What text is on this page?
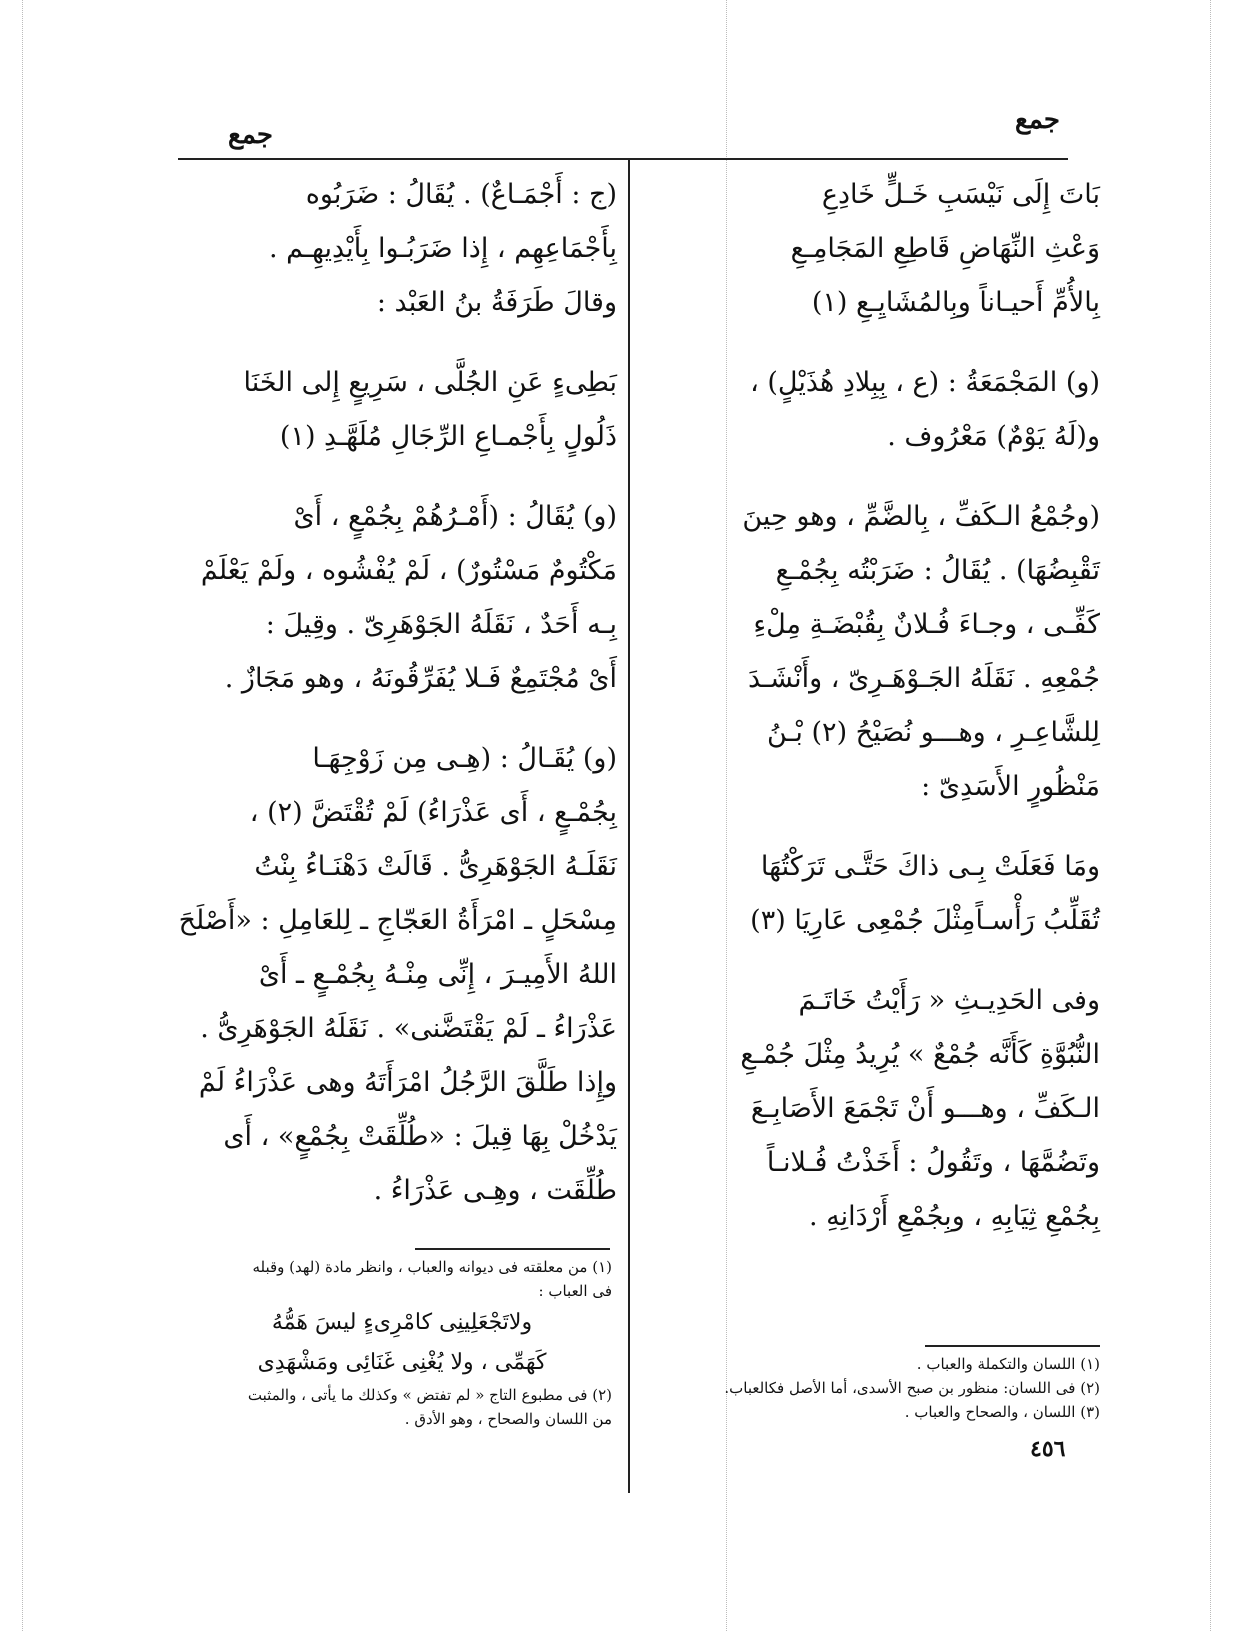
جمع
جمع
بَاتَ إِلَى نَيْسَبِ خَـلٍّ خَادِعِ
وَعْثِ النِّهَاضِ قَاطِعِ المَجَامِـعِ
بِالأُمِّ أَحيـاناً وبِالمُشَايِـعِ (١)
(و) المَجْمَعَةُ : (ع ، بِبِلادِ هُذَيْلٍ) ،
و(لَهُ يَوْمٌ) مَعْرُوف .
(وجُمْعُ الـكَفِّ ، بِالضَّمِّ ، وهو حِينَ
تَقْبِضُهَا) . يُقَالُ : ضَرَبْتُه بِجُمْـعِ
كَفِّـى ، وجـاءَ فُـلانٌ بِقُبْضَـةِ مِلْءِ
جُمْعِهِ . نَقَلَهُ الجَـوْهَـرِىّ ، وأَنْشَـدَ
لِلشَّاعِـرِ ، وهـــو نُصَيْحُ (٢) بْـنُ
مَنْظُورٍ الأَسَدِىّ :
ومَا فَعَلَتْ بِـى ذاكَ حَتَّـى تَرَكْتُهَا
تُقَلِّبُ رَأْسـاًمِثْلَ جُمْعِى عَارِيَا (٣)
وفى الحَدِيـثِ « رَأَيْتُ خَاتَـمَ
النُّبُوَّةِ كَأَنَّه جُمْعٌ » يُرِيدُ مِثْلَ جُمْـعِ
الـكَفِّ ، وهـــو أَنْ تَجْمَعَ الأَصَابِـعَ
وتَضُمَّهَا ، وتَقُولُ : أَخَذْتُ فُـلانـاً
بِجُمْعِ ثِيَابِهِ ، وبِجُمْعِ أَرْدَانِهِ .
(ج : أَجْمَـاعٌ) . يُقَالُ : ضَرَبُوه
بِأَجْمَاعِهِم ، إِذا ضَرَبُـوا بِأَيْدِيهِـم .
وقالَ طَرَفَةُ بنُ العَبْد :
بَطِىءٍ عَنِ الجُلَّى ، سَرِيعٍ إِلى الخَنَا
ذَلُولٍ بِأَجْمـاعِ الرِّجَالِ مُلَهَّـدِ (١)
(و) يُقَالُ : (أَمْـرُهُمْ بِجُمْعٍ ، أَىْ
مَكْتُومٌ مَسْتُورٌ) ، لَمْ يُفْشُوه ، ولَمْ يَعْلَمْ
بِـه أَحَدٌ ، نَقَلَهُ الجَوْهَرِىّ . وقِيلَ :
أَىْ مُجْتَمِعٌ فَـلا يُفَرِّقُونَهُ ، وهو مَجَازٌ .
(و) يُقَـالُ : (هِـى مِن زَوْجِهَـا
بِجُمْـعٍ ، أَى عَذْرَاءُ) لَمْ تُقْتَضَّ (٢) ،
نَقَلَـهُ الجَوْهَرِىُّ . قَالَتْ دَهْنَـاءُ بِنْتُ
مِسْحَلٍ ـ امْرَأَةُ العَجّاجِ ـ لِلعَامِلِ : «أَصْلَحَ
اللهُ الأَمِيـرَ ، إِنِّى مِنْـهُ بِجُمْـعٍ ـ أَىْ
عَذْرَاءُ ـ لَمْ يَقْتَضَّنى» . نَقَلَهُ الجَوْهَرِىُّ .
وإِذا طَلَّقَ الرَّجُلُ امْرَأَتَهُ وهى عَذْرَاءُ لَمْ
يَدْخُلْ بِهَا قِيلَ : «طُلِّقَتْ بِجُمْعٍ» ، أَى
طُلِّقَت ، وهِـى عَذْرَاءُ .
(١) اللسان والتكملة والعباب .
(٢) فى اللسان: منظور بن صبح الأسدى، أما الأصل فكالعباب.
(٣) اللسان ، والصحاح والعباب .
(١) من معلقته فى ديوانه والعباب ، وانظر مادة (لهد) وقبله
فى العباب :
ولاتَجْعَلِينِى كامْرِىءٍ ليسَ هَمُّهُ
كَهَمِّى ، ولا يُغْنِى غَنَائِى ومَشْهَدِى
(٢) فى مطبوع التاج « لم تفتض » وكذلك ما يأتى ، والمثبت
من اللسان والصحاح ، وهو الأدق .
٤٥٦
